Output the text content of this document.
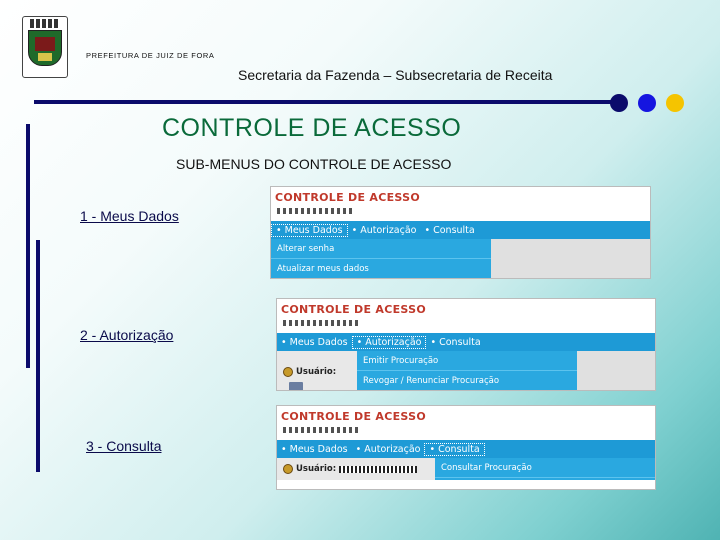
PREFEITURA DE JUIZ DE FORA
Secretaria da Fazenda – Subsecretaria de Receita
CONTROLE DE ACESSO
SUB-MENUS DO CONTROLE DE ACESSO
1 - Meus Dados
2 - Autorização
3 - Consulta
CONTROLE DE ACESSO
• Meus Dados • Autorização • Consulta
Alterar senha
Atualizar meus dados
CONTROLE DE ACESSO
• Meus Dados • Autorização • Consulta
Usuário:
Emitir Procuração
Revogar / Renunciar Procuração
CONTROLE DE ACESSO
• Meus Dados • Autorização • Consulta
Usuário:	Consultar Procuração
